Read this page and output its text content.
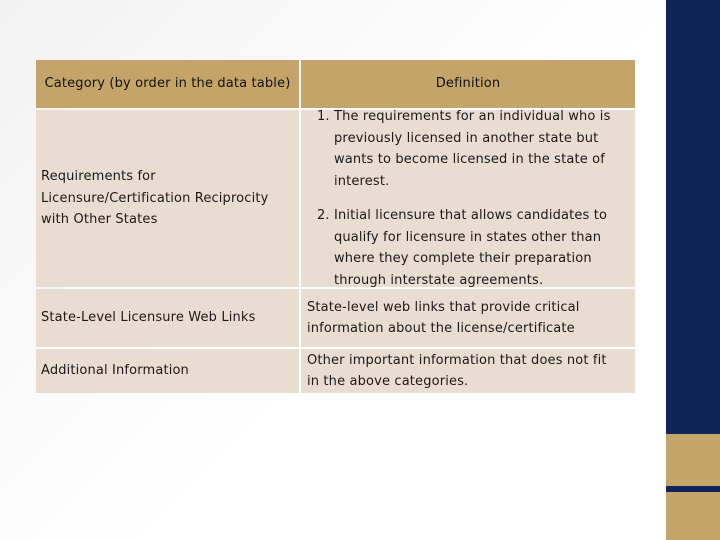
Category (by order in the data table)	Definition
Requirements for Licensure/Certification Reciprocity with Other States
1. The requirements for an individual who is previously licensed in another state but wants to become licensed in the state of interest.
2. Initial licensure that allows candidates to qualify for licensure in states other than where they complete their preparation through interstate agreements.
State-Level Licensure Web Links
State-level web links that provide critical information about the license/certificate
Additional Information
Other important information that does not fit in the above categories.
